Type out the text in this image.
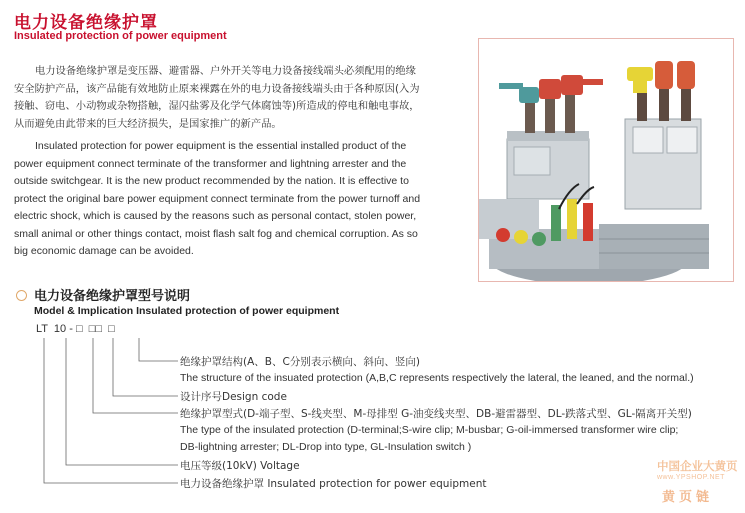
电力设备绝缘护罩
Insulated protection of power equipment
电力设备绝缘护罩是变压器、避雷器、户外开关等电力设备接线端头必须配用的绝缘安全防护产品，该产品能有效地防止原来裸露在外的电力设备接线端头由于各种原因(入为接触、窃电、小动物或杂物搭触，湿闪盐雾及化学气体腐蚀等)所造成的停电和触电事故，从而避免由此带来的巨大经济损失，是国家推广的新产品。
Insulated protection for power equipment is the essential installed product of the power equipment connect terminate of the transformer and lightning arrester and the outside switchgear. It is the new product recommended by the nation. It is effective to protect the original bare power equipment connect terminate from the power turnoff and electric shock, which is caused by the reasons such as personal contact, stolen power, small animal or other things contact, moist flash salt fog and chemical corruption. As so big economic damage can be avoided.
电力设备绝缘护罩型号说明
Model & Implication Insulated protection of power equipment
LT  10 - □  □□  □
绝缘护罩结构(A、B、C分别表示横向、斜向、竖向)
The structure of the insuated protection (A,B,C represents respectively the lateral, the leaned, and the normal.)
设计序号Design code
绝缘护罩型式(D-端子型、S-线夹型、M-母排型 G-油变线夹型、DB-避雷器型、DL-跌落式型、GL-隔离开关型)
The type of the insulated protection (D-terminal;S-wire clip; M-busbar; G-oil-immersed transformer wire clip;
DB-lightning arrester; DL-Drop into type, GL-Insulation switch )
电压等级(10kV) Voltage
电力设备绝缘护罩 Insulated protection for power equipment
中国企业大黄页
www.YPSHOP.NET
黄页链
